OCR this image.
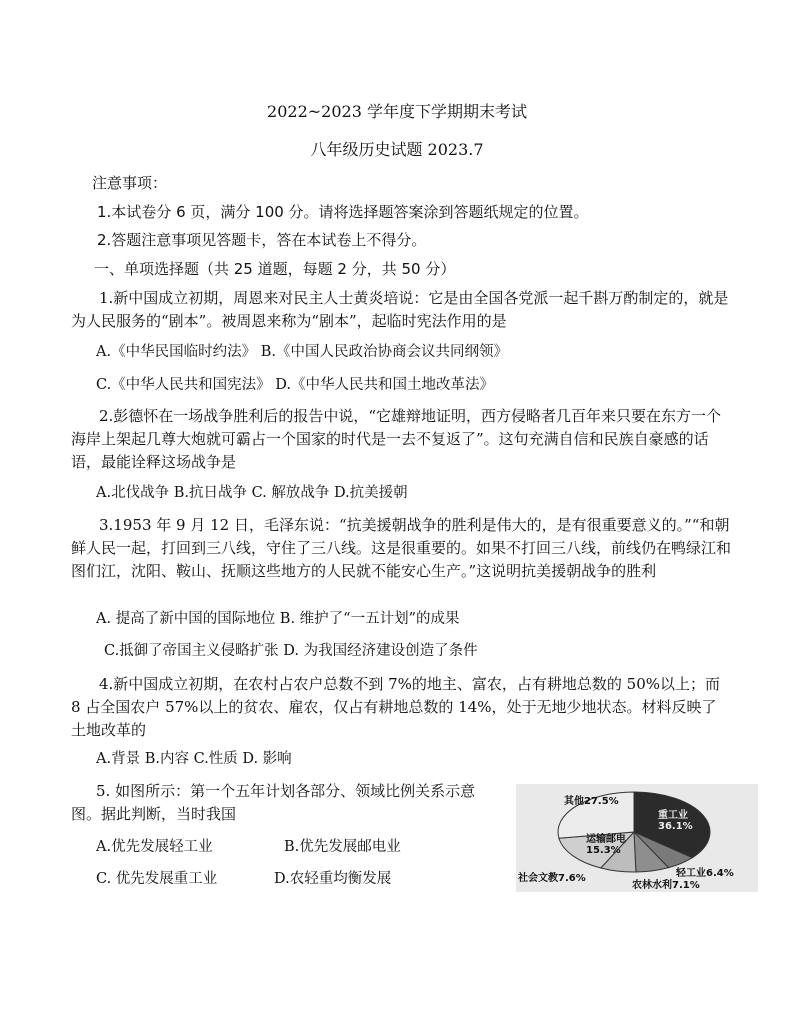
2022~2023 学年度下学期期末考试
八年级历史试题 2023.7
注意事项：
1.本试卷分 6 页，满分 100 分。请将选择题答案涂到答题纸规定的位置。
2.答题注意事项见答题卡，答在本试卷上不得分。
一、单项选择题（共 25 道题，每题 2 分，共 50 分）
1.新中国成立初期，周恩来对民主人士黄炎培说：它是由全国各党派一起千斟万酌制定的，就是为人民服务的“剧本”。被周恩来称为“剧本”，起临时宪法作用的是
A.《中华民国临时约法》 B.《中国人民政治协商会议共同纲领》
C.《中华人民共和国宪法》 D.《中华人民共和国土地改革法》
2.彭德怀在一场战争胜利后的报告中说，“它雄辩地证明，西方侵略者几百年来只要在东方一个海岸上架起几尊大炮就可霸占一个国家的时代是一去不复返了”。这句充满自信和民族自豪感的话语，最能诠释这场战争是
A.北伐战争 B.抗日战争 C. 解放战争 D.抗美援朝
3.1953 年 9 月 12 日，毛泽东说：“抗美援朝战争的胜利是伟大的，是有很重要意义的。”“和朝鲜人民一起，打回到三八线，守住了三八线。这是很重要的。如果不打回三八线，前线仍在鸭绿江和图们江，沈阳、鞍山、抚顺这些地方的人民就不能安心生产。”这说明抗美援朝战争的胜利
A. 提高了新中国的国际地位 B. 维护了“一五计划”的成果
C.抵御了帝国主义侵略扩张 D. 为我国经济建设创造了条件
4.新中国成立初期，在农村占农户总数不到 7%的地主、富农，占有耕地总数的 50%以上；而 8 占全国农户 57%以上的贫农、雇农，仅占有耕地总数的 14%，处于无地少地状态。材料反映了土地改革的
A.背景 B.内容 C.性质 D. 影响
5. 如图所示：第一个五年计划各部分、领域比例关系示意
图。据此判断，当时我国
A.优先发展轻工业	B.优先发展邮电业
C. 优先发展重工业	D.农轻重均衡发展
重工业 36.1%
轻工业6.4%
农林水利7.1%
社会文教7.6%
运输邮电 15.3%
其他27.5%
